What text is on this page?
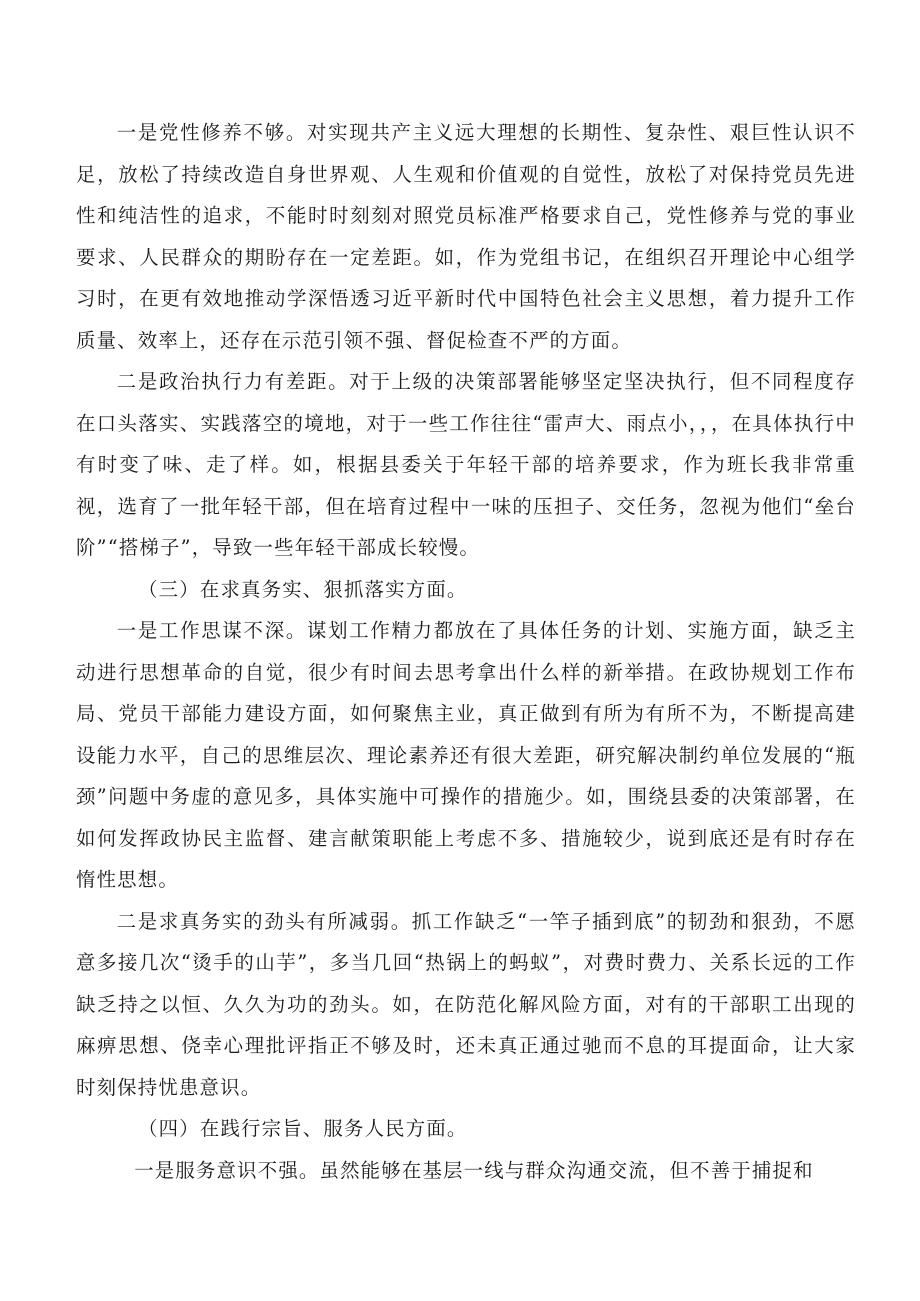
一是党性修养不够。对实现共产主义远大理想的长期性、复杂性、艰巨性认识不足，放松了持续改造自身世界观、人生观和价值观的自觉性，放松了对保持党员先进性和纯洁性的追求，不能时时刻刻对照党员标准严格要求自己，党性修养与党的事业要求、人民群众的期盼存在一定差距。如，作为党组书记，在组织召开理论中心组学习时，在更有效地推动学深悟透习近平新时代中国特色社会主义思想，着力提升工作质量、效率上，还存在示范引领不强、督促检查不严的方面。

二是政治执行力有差距。对于上级的决策部署能够坚定坚决执行，但不同程度存在口头落实、实践落空的境地，对于一些工作往往“雷声大、雨点小，，，在具体执行中有时变了味、走了样。如，根据县委关于年轻干部的培养要求，作为班长我非常重视，选育了一批年轻干部，但在培育过程中一味的压担子、交任务，忽视为他们“垒台阶”“搭梯子”，导致一些年轻干部成长较慢。

（三）在求真务实、狠抓落实方面。

一是工作思谋不深。谋划工作精力都放在了具体任务的计划、实施方面，缺乏主动进行思想革命的自觉，很少有时间去思考拿出什么样的新举措。在政协规划工作布局、党员干部能力建设方面，如何聚焦主业，真正做到有所为有所不为，不断提高建设能力水平，自己的思维层次、理论素养还有很大差距，研究解决制约单位发展的“瓶颈”问题中务虚的意见多，具体实施中可操作的措施少。如，围绕县委的决策部署，在如何发挥政协民主监督、建言献策职能上考虑不多、措施较少，说到底还是有时存在惰性思想。

二是求真务实的劲头有所减弱。抓工作缺乏“一竿子插到底”的韧劲和狠劲，不愿意多接几次“烫手的山芋”，多当几回“热锅上的蚂蚁”，对费时费力、关系长远的工作缺乏持之以恒、久久为功的劲头。如，在防范化解风险方面，对有的干部职工出现的麻痹思想、侥幸心理批评指正不够及时，还未真正通过驰而不息的耳提面命，让大家时刻保持忧患意识。

（四）在践行宗旨、服务人民方面。

一是服务意识不强。虽然能够在基层一线与群众沟通交流，但不善于捕捉和
